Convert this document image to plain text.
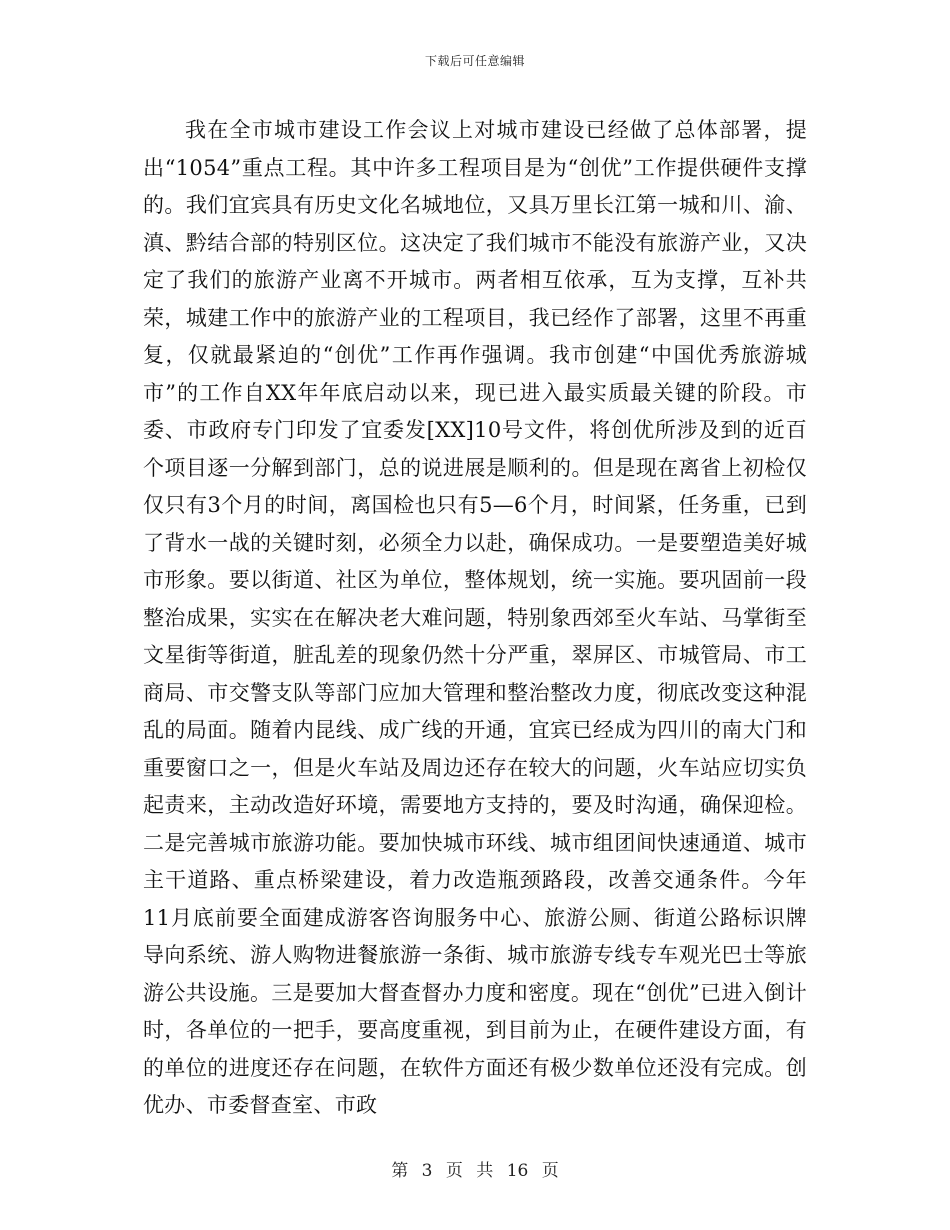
下载后可任意编辑

我在全市城市建设工作会议上对城市建设已经做了总体部署，提出“1054”重点工程。其中许多工程项目是为“创优”工作提供硬件支撑的。我们宜宾具有历史文化名城地位，又具万里长江第一城和川、渝、滇、黔结合部的特别区位。这决定了我们城市不能没有旅游产业，又决定了我们的旅游产业离不开城市。两者相互依承，互为支撑，互补共荣，城建工作中的旅游产业的工程项目，我已经作了部署，这里不再重复，仅就最紧迫的“创优”工作再作强调。我市创建“中国优秀旅游城市”的工作自XX年年底启动以来，现已进入最实质最关键的阶段。市委、市政府专门印发了宜委发[XX]10号文件，将创优所涉及到的近百个项目逐一分解到部门，总的说进展是顺利的。但是现在离省上初检仅仅只有3个月的时间，离国检也只有5—6个月，时间紧，任务重，已到了背水一战的关键时刻，必须全力以赴，确保成功。一是要塑造美好城市形象。要以街道、社区为单位，整体规划，统一实施。要巩固前一段整治成果，实实在在解决老大难问题，特别象西郊至火车站、马掌街至文星街等街道，脏乱差的现象仍然十分严重，翠屏区、市城管局、市工商局、市交警支队等部门应加大管理和整治整改力度，彻底改变这种混乱的局面。随着内昆线、成广线的开通，宜宾已经成为四川的南大门和重要窗口之一，但是火车站及周边还存在较大的问题，火车站应切实负起责来，主动改造好环境，需要地方支持的，要及时沟通，确保迎检。二是完善城市旅游功能。要加快城市环线、城市组团间快速通道、城市主干道路、重点桥梁建设，着力改造瓶颈路段，改善交通条件。今年11月底前要全面建成游客咨询服务中心、旅游公厕、街道公路标识牌导向系统、游人购物进餐旅游一条街、城市旅游专线专车观光巴士等旅游公共设施。三是要加大督查督办力度和密度。现在“创优”已进入倒计时，各单位的一把手，要高度重视，到目前为止，在硬件建设方面，有的单位的进度还存在问题，在软件方面还有极少数单位还没有完成。创优办、市委督查室、市政

第 3 页 共 16 页
